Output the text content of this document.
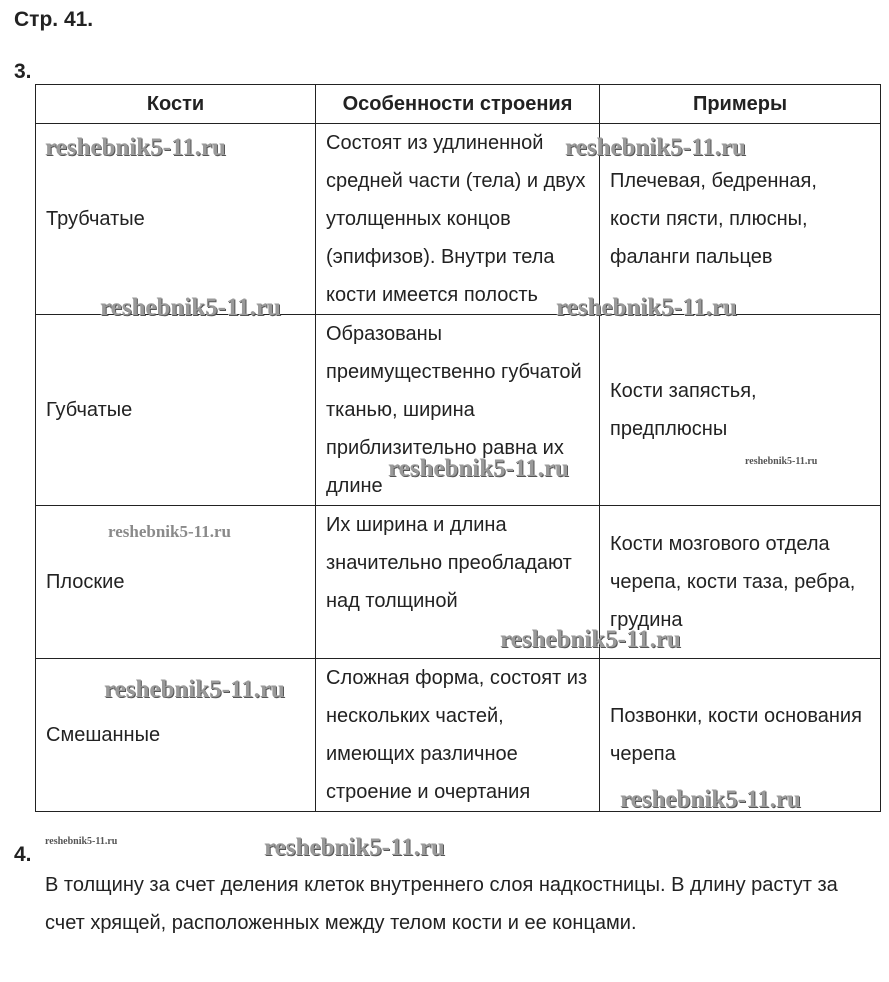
Стр. 41.
3.
Кости	Особенности строения	Примеры
Трубчатые	Состоят из удлиненной средней части (тела) и двух утолщенных концов (эпифизов). Внутри тела кости имеется полость	Плечевая, бедренная, кости пясти, плюсны, фаланги пальцев
Губчатые	Образованы преимущественно губчатой тканью, ширина приблизительно равна их длине	Кости запястья, предплюсны
Плоские	Их ширина и длина значительно преобладают над толщиной	Кости мозгового отдела черепа, кости таза, ребра, грудина
Смешанные	Сложная форма, состоят из нескольких частей, имеющих различное строение и очертания	Позвонки, кости основания черепа
4.

В толщину за счет деления клеток внутреннего слоя надкостницы. В длину растут за счет хрящей, расположенных между телом кости и ее концами.

reshebnik5-11.ru	reshebnik5-11.ru
reshebnik5-11.ru	reshebnik5-11.ru
reshebnik5-11.ru	reshebnik5-11.ru
reshebnik5-11.ru
reshebnik5-11.ru
reshebnik5-11.ru
reshebnik5-11.ru
reshebnik5-11.ru	reshebnik5-11.ru
